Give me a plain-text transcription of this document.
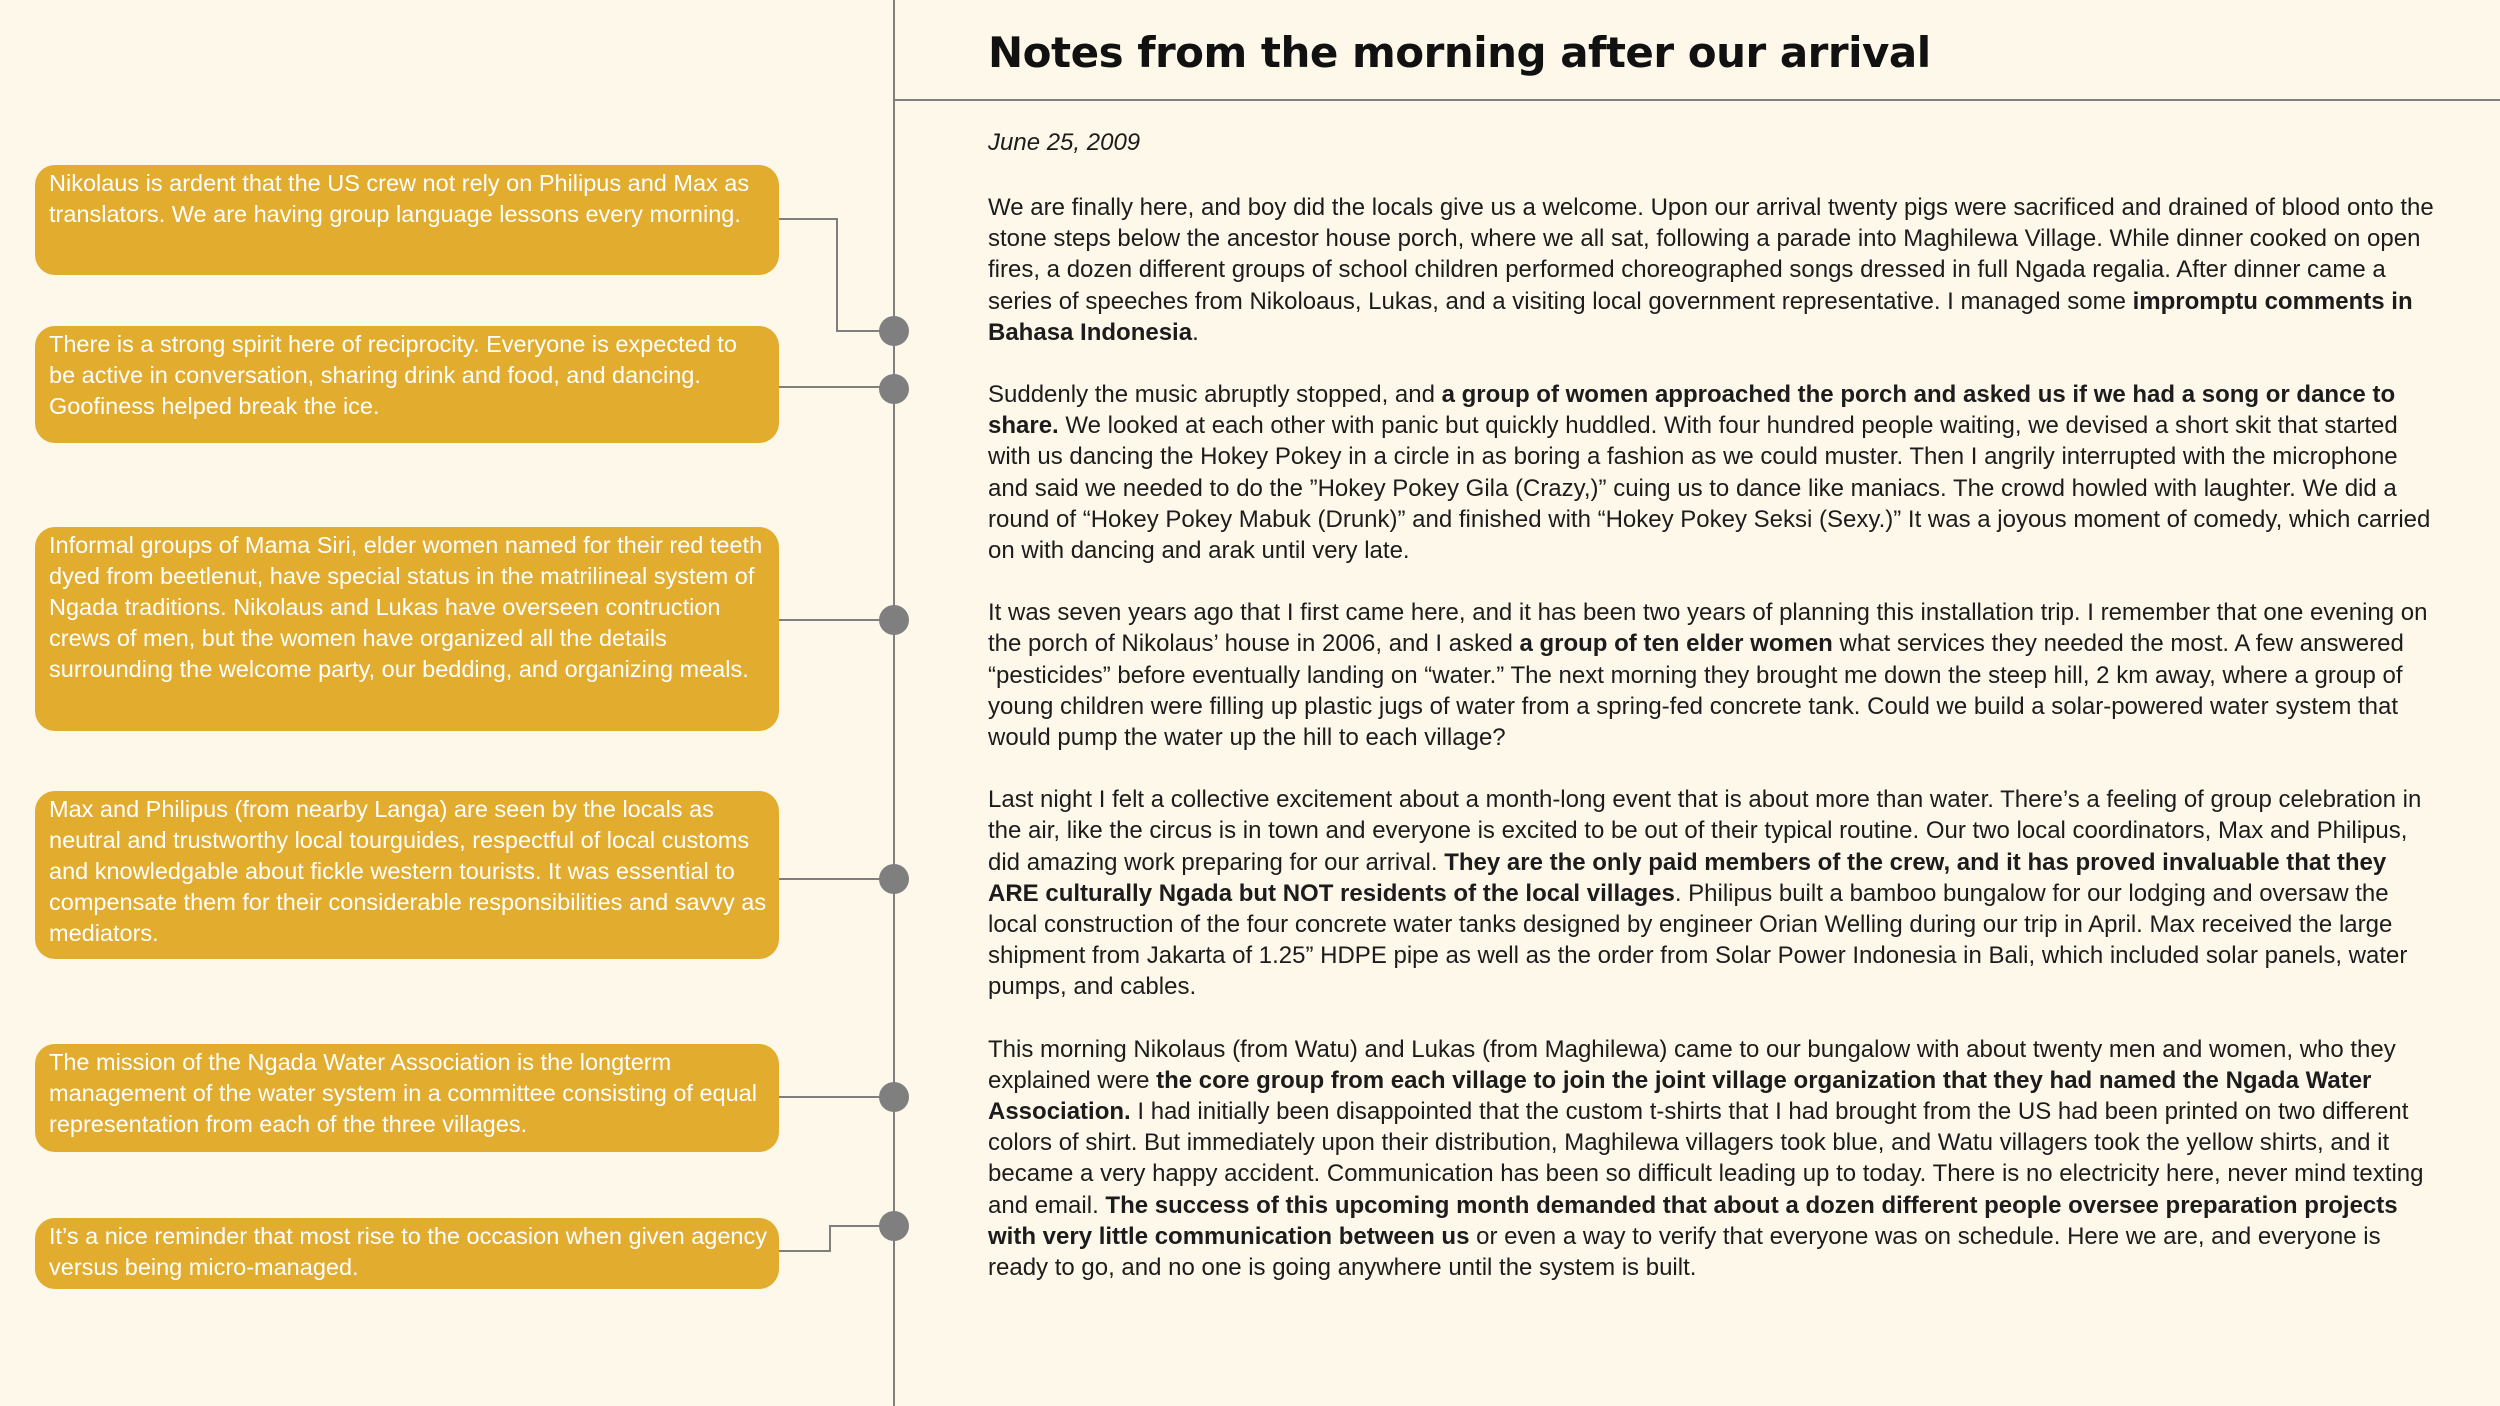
Nikolaus is ardent that the US crew not rely on Philipus and Max as translators. We are having group language lessons every morning.
There is a strong spirit here of reciprocity. Everyone is expected to be active in conversation, sharing drink and food, and dancing. Goofiness helped break the ice.
Informal groups of Mama Siri, elder women named for their red teeth dyed from beetlenut, have special status in the matrilineal system of Ngada traditions. Nikolaus and Lukas have overseen contruction crews of men, but the women have organized all the details surrounding the welcome party, our bedding, and organizing meals.
Max and Philipus (from nearby Langa) are seen by the locals as neutral and trustworthy local tourguides, respectful of local customs and knowledgable about fickle western tourists. It was essential to compensate them for their considerable responsibilities and savvy as mediators.
The mission of the Ngada Water Association is the longterm management of the water system in a committee consisting of equal representation from each of the three villages.
It’s a nice reminder that most rise to the occasion when given agency versus being micro-managed.
Notes from the morning after our arrival
June 25, 2009

We are finally here, and boy did the locals give us a welcome. Upon our arrival twenty pigs were sacrificed and drained of blood onto the stone steps below the ancestor house porch, where we all sat, following a parade into Maghilewa Village. While dinner cooked on open fires, a dozen different groups of school children performed choreographed songs dressed in full Ngada regalia. After dinner came a series of speeches from Nikoloaus, Lukas, and a visiting local government representative. I managed some impromptu comments in Bahasa Indonesia.

Suddenly the music abruptly stopped, and a group of women approached the porch and asked us if we had a song or dance to share. We looked at each other with panic but quickly huddled. With four hundred people waiting, we devised a short skit that started with us dancing the Hokey Pokey in a circle in as boring a fashion as we could muster. Then I angrily interrupted with the microphone and said we needed to do the ”Hokey Pokey Gila (Crazy,)” cuing us to dance like maniacs. The crowd howled with laughter. We did a round of “Hokey Pokey Mabuk (Drunk)” and finished with “Hokey Pokey Seksi (Sexy.)” It was a joyous moment of comedy, which carried on with dancing and arak until very late.

It was seven years ago that I first came here, and it has been two years of planning this installation trip. I remember that one evening on the porch of Nikolaus’ house in 2006, and I asked a group of ten elder women what services they needed the most. A few answered “pesticides” before eventually landing on “water.” The next morning they brought me down the steep hill, 2 km away, where a group of young children were filling up plastic jugs of water from a spring-fed concrete tank. Could we build a solar-powered water system that would pump the water up the hill to each village?

Last night I felt a collective excitement about a month-long event that is about more than water. There’s a feeling of group celebration in the air, like the circus is in town and everyone is excited to be out of their typical routine. Our two local coordinators, Max and Philipus, did amazing work preparing for our arrival. They are the only paid members of the crew, and it has proved invaluable that they ARE culturally Ngada but NOT residents of the local villages. Philipus built a bamboo bungalow for our lodging and oversaw the local construction of the four concrete water tanks designed by engineer Orian Welling during our trip in April. Max received the large shipment from Jakarta of 1.25” HDPE pipe as well as the order from Solar Power Indonesia in Bali, which included solar panels, water pumps, and cables.

This morning Nikolaus (from Watu) and Lukas (from Maghilewa) came to our bungalow with about twenty men and women, who they explained were the core group from each village to join the joint village organization that they had named the Ngada Water Association. I had initially been disappointed that the custom t-shirts that I had brought from the US had been printed on two different colors of shirt. But immediately upon their distribution, Maghilewa villagers took blue, and Watu villagers took the yellow shirts, and it became a very happy accident. Communication has been so difficult leading up to today. There is no electricity here, never mind texting and email. The success of this upcoming month demanded that about a dozen different people oversee preparation projects with very little communication between us or even a way to verify that everyone was on schedule. Here we are, and everyone is ready to go, and no one is going anywhere until the system is built.
